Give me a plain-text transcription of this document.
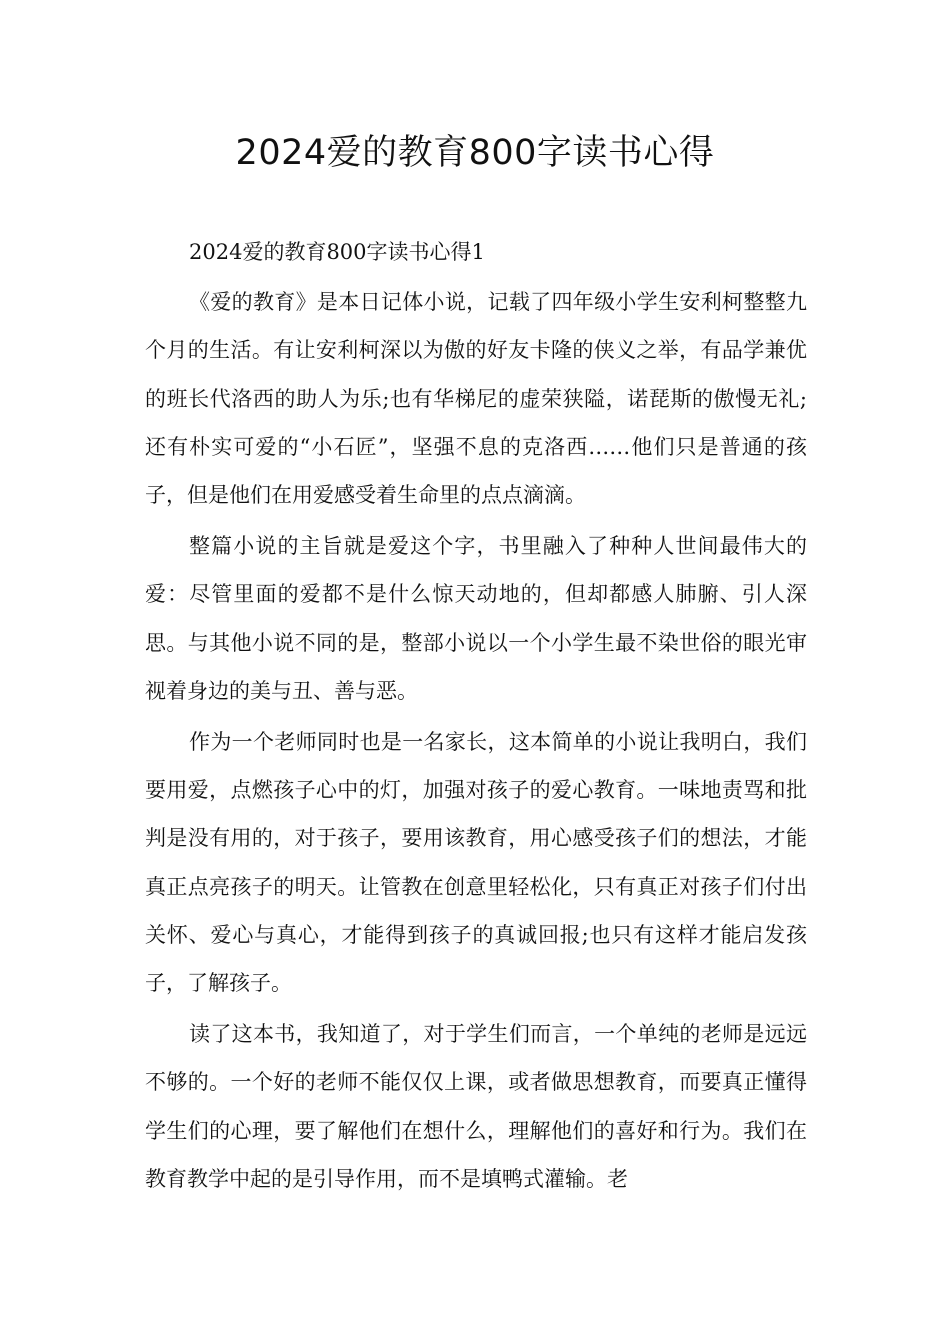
2024爱的教育800字读书心得

2024爱的教育800字读书心得1

《爱的教育》是本日记体小说，记载了四年级小学生安利柯整整九个月的生活。有让安利柯深以为傲的好友卡隆的侠义之举，有品学兼优的班长代洛西的助人为乐;也有华梯尼的虚荣狭隘，诺琵斯的傲慢无礼;还有朴实可爱的“小石匠”，坚强不息的克洛西……他们只是普通的孩子，但是他们在用爱感受着生命里的点点滴滴。

整篇小说的主旨就是爱这个字，书里融入了种种人世间最伟大的爱：尽管里面的爱都不是什么惊天动地的，但却都感人肺腑、引人深思。与其他小说不同的是，整部小说以一个小学生最不染世俗的眼光审视着身边的美与丑、善与恶。

作为一个老师同时也是一名家长，这本简单的小说让我明白，我们要用爱，点燃孩子心中的灯，加强对孩子的爱心教育。一味地责骂和批判是没有用的，对于孩子，要用该教育，用心感受孩子们的想法，才能真正点亮孩子的明天。让管教在创意里轻松化，只有真正对孩子们付出关怀、爱心与真心，才能得到孩子的真诚回报;也只有这样才能启发孩子，了解孩子。

读了这本书，我知道了，对于学生们而言，一个单纯的老师是远远不够的。一个好的老师不能仅仅上课，或者做思想教育，而要真正懂得学生们的心理，要了解他们在想什么，理解他们的喜好和行为。我们在教育教学中起的是引导作用，而不是填鸭式灌输。老
